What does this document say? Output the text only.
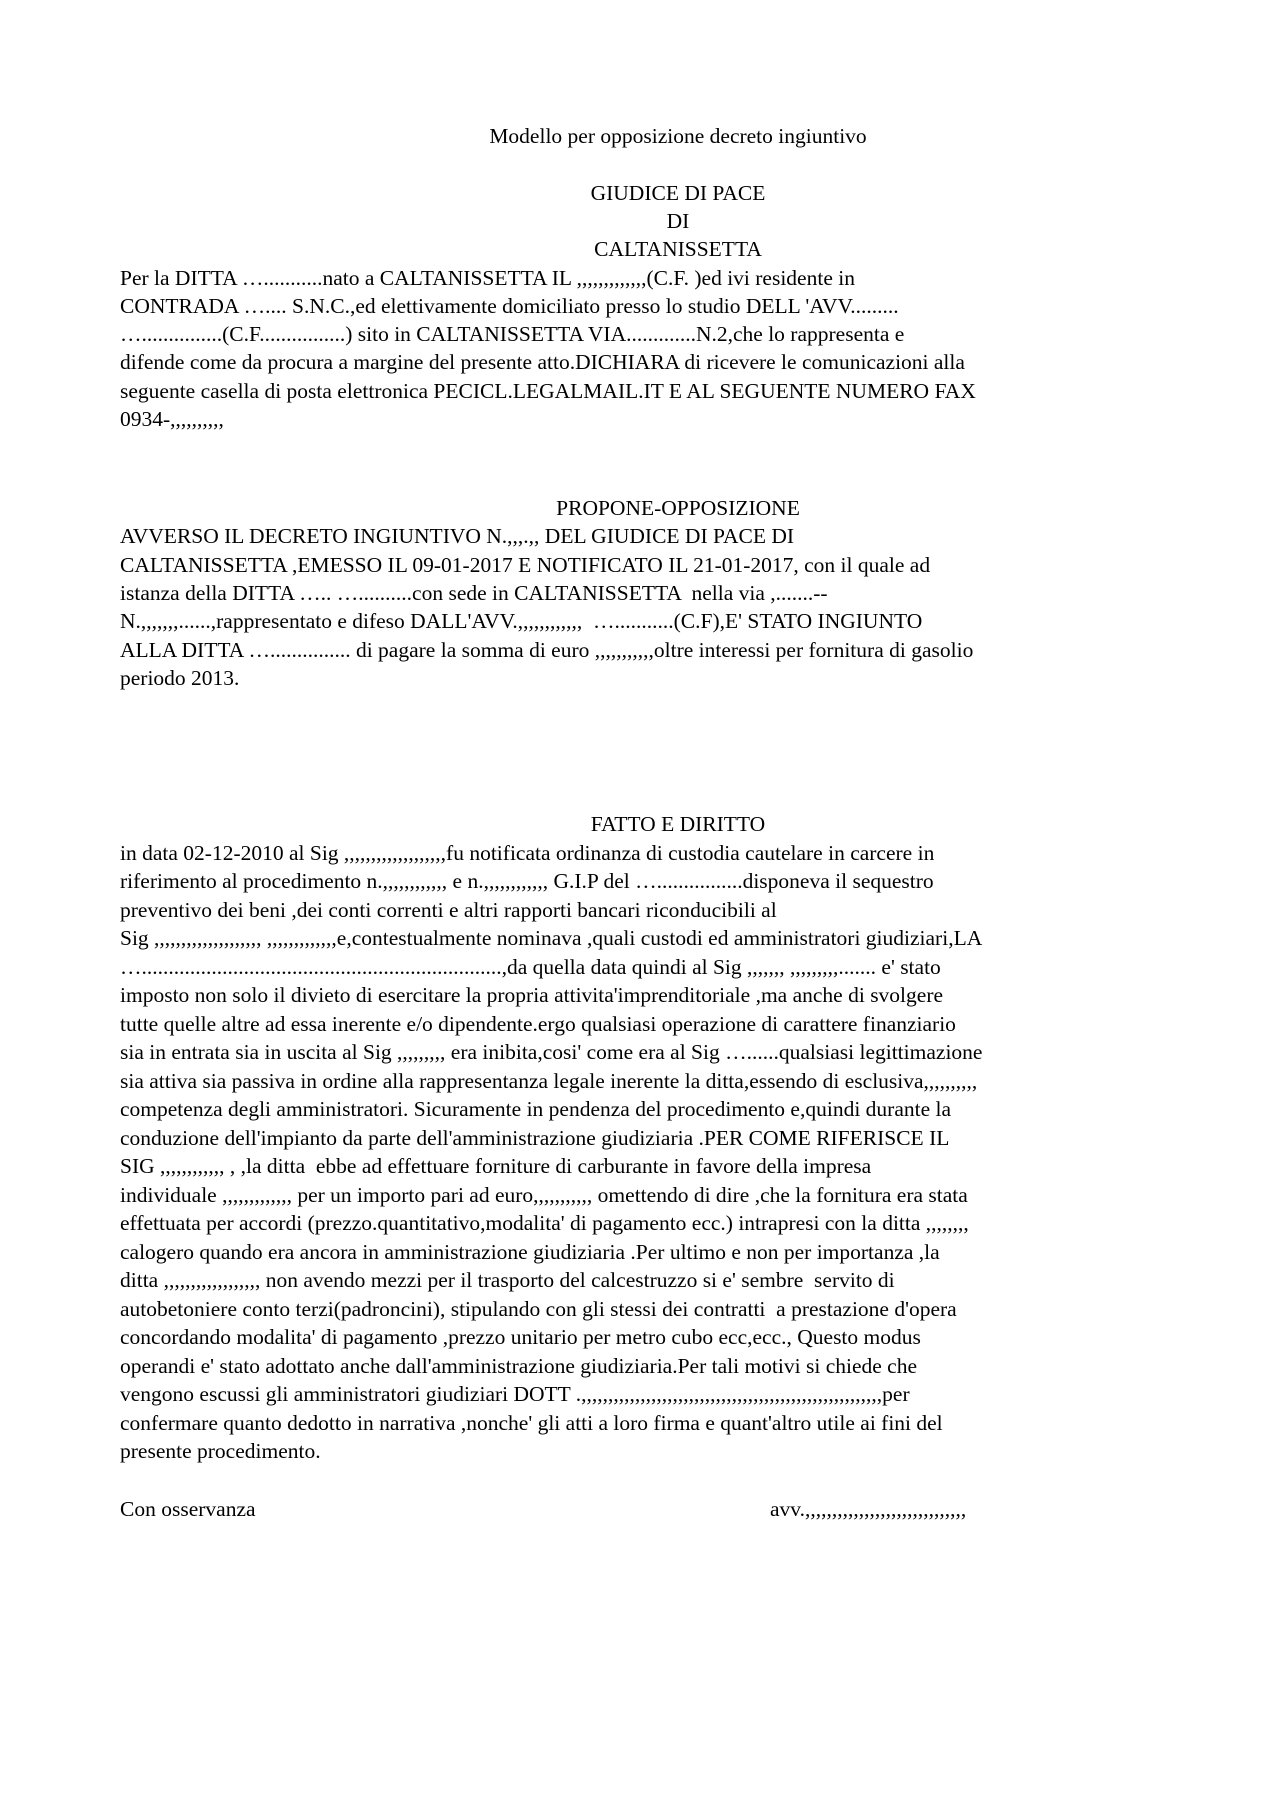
Modello per opposizione decreto ingiuntivo
GIUDICE DI PACE
DI
CALTANISSETTA
Per la DITTA …...........nato a CALTANISSETTA IL ,,,,,,,,,,,,,(C.F. )ed ivi residente in
CONTRADA ….... S.N.C.,ed elettivamente domiciliato presso lo studio DELL 'AVV.........
…...............(C.F................) sito in CALTANISSETTA VIA.............N.2,che lo rappresenta e
difende come da procura a margine del presente atto.DICHIARA di ricevere le comunicazioni alla
seguente casella di posta elettronica PECICL.LEGALMAIL.IT E AL SEGUENTE NUMERO FAX
0934-,,,,,,,,,,
PROPONE-OPPOSIZIONE
AVVERSO IL DECRETO INGIUNTIVO N.,,,.,, DEL GIUDICE DI PACE DI
CALTANISSETTA ,EMESSO IL 09-01-2017 E NOTIFICATO IL 21-01-2017, con il quale ad
istanza della DITTA ….. …..........con sede in CALTANISSETTA  nella via ,.......--
N.,,,,,,,......,rappresentato e difeso DALL'AVV.,,,,,,,,,,,,  …...........(C.F),E' STATO INGIUNTO
ALLA DITTA …............... di pagare la somma di euro ,,,,,,,,,,,oltre interessi per fornitura di gasolio
periodo 2013.
FATTO E DIRITTO
in data 02-12-2010 al Sig ,,,,,,,,,,,,,,,,,,,fu notificata ordinanza di custodia cautelare in carcere in
riferimento al procedimento n.,,,,,,,,,,,, e n.,,,,,,,,,,,, G.I.P del …................disponeva il sequestro
preventivo dei beni ,dei conti correnti e altri rapporti bancari riconducibili al
Sig ,,,,,,,,,,,,,,,,,,,, ,,,,,,,,,,,,,e,contestualmente nominava ,quali custodi ed amministratori giudiziari,LA
…...................................................................,da quella data quindi al Sig ,,,,,,, ,,,,,,,,,....... e' stato
imposto non solo il divieto di esercitare la propria attivita'imprenditoriale ,ma anche di svolgere
tutte quelle altre ad essa inerente e/o dipendente.ergo qualsiasi operazione di carattere finanziario
sia in entrata sia in uscita al Sig ,,,,,,,,, era inibita,cosi' come era al Sig …......qualsiasi legittimazione
sia attiva sia passiva in ordine alla rappresentanza legale inerente la ditta,essendo di esclusiva,,,,,,,,,,
competenza degli amministratori. Sicuramente in pendenza del procedimento e,quindi durante la
conduzione dell'impianto da parte dell'amministrazione giudiziaria .PER COME RIFERISCE IL
SIG ,,,,,,,,,,,, , ,la ditta  ebbe ad effettuare forniture di carburante in favore della impresa
individuale ,,,,,,,,,,,,, per un importo pari ad euro,,,,,,,,,,, omettendo di dire ,che la fornitura era stata
effettuata per accordi (prezzo.quantitativo,modalita' di pagamento ecc.) intrapresi con la ditta ,,,,,,,,
calogero quando era ancora in amministrazione giudiziaria .Per ultimo e non per importanza ,la
ditta ,,,,,,,,,,,,,,,,,, non avendo mezzi per il trasporto del calcestruzzo si e' sembre  servito di
autobetoniere conto terzi(padroncini), stipulando con gli stessi dei contratti  a prestazione d'opera
concordando modalita' di pagamento ,prezzo unitario per metro cubo ecc,ecc., Questo modus
operandi e' stato adottato anche dall'amministrazione giudiziaria.Per tali motivi si chiede che
vengono escussi gli amministratori giudiziari DOTT .,,,,,,,,,,,,,,,,,,,,,,,,,,,,,,,,,,,,,,,,,,,,,,,,,,,,,,,,per
confermare quanto dedotto in narrativa ,nonche' gli atti a loro firma e quant'altro utile ai fini del
presente procedimento.
Con osservanza	avv.,,,,,,,,,,,,,,,,,,,,,,,,,,,,,,
